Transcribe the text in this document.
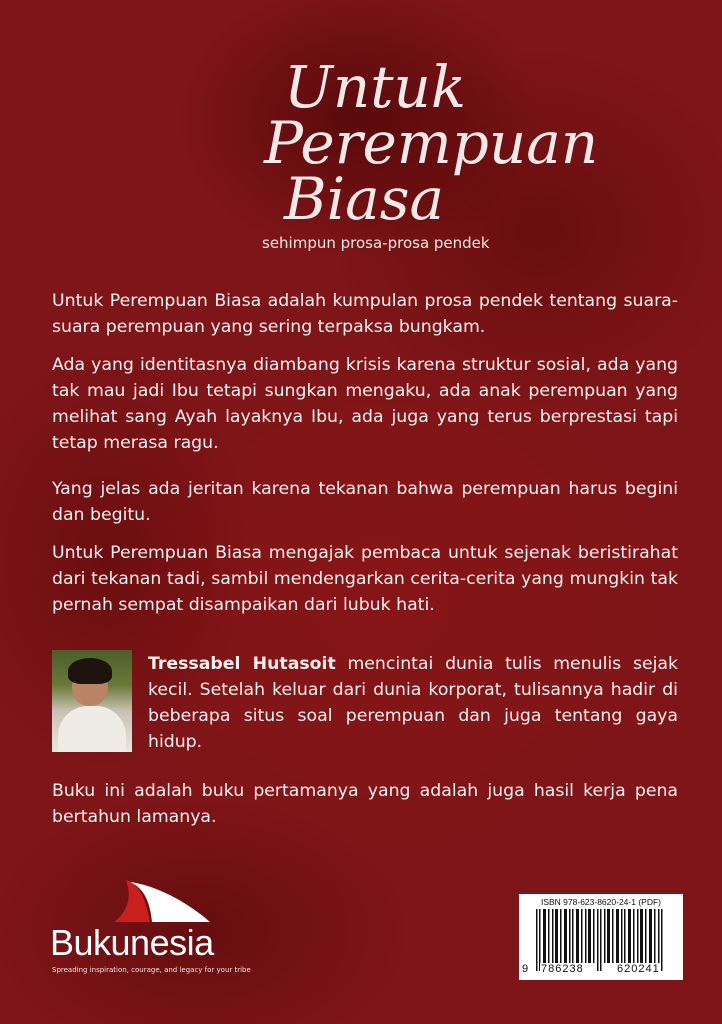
Untuk
Perempuan
Biasa
sehimpun prosa-prosa pendek

Untuk Perempuan Biasa adalah kumpulan prosa pendek tentang suara-suara perempuan yang sering terpaksa bungkam.

Ada yang identitasnya diambang krisis karena struktur sosial, ada yang tak mau jadi Ibu tetapi sungkan mengaku, ada anak perempuan yang melihat sang Ayah layaknya Ibu, ada juga yang terus berprestasi tapi tetap merasa ragu.

Yang jelas ada jeritan karena tekanan bahwa perempuan harus begini dan begitu.

Untuk Perempuan Biasa mengajak pembaca untuk sejenak beristirahat dari tekanan tadi, sambil mendengarkan cerita-cerita yang mungkin tak pernah sempat disampaikan dari lubuk hati.

Tressabel Hutasoit mencintai dunia tulis menulis sejak kecil. Setelah keluar dari dunia korporat, tulisannya hadir di beberapa situs soal perempuan dan juga tentang gaya hidup.

Buku ini adalah buku pertamanya yang adalah juga hasil kerja pena bertahun lamanya.

Bukunesia
Spreading inspiration, courage, and legacy for your tribe
ISBN 978-623-8620-24-1 (PDF)
9 786238	620241
